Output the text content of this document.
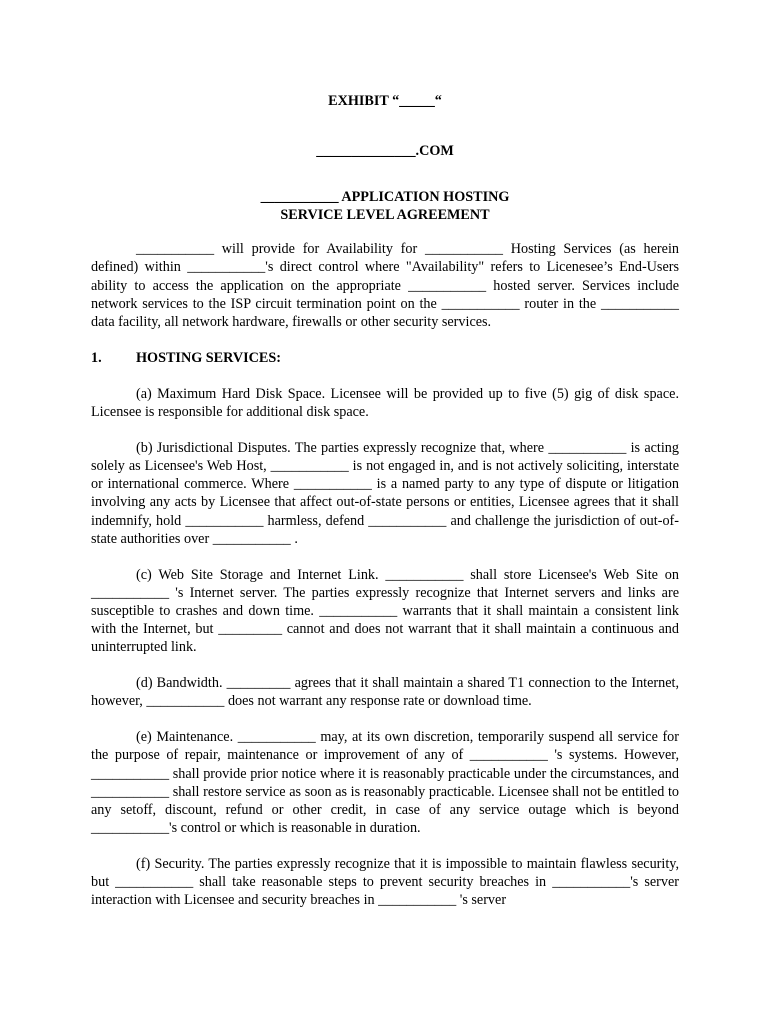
EXHIBIT “_____“
______________.COM
___________ APPLICATION HOSTING
SERVICE LEVEL AGREEMENT

___________ will provide for Availability for ___________ Hosting Services (as herein defined) within ___________'s direct control where "Availability" refers to Licenesee’s End-Users ability to access the application on the appropriate ___________ hosted server. Services include network services to the ISP circuit termination point on the ___________ router in the ___________ data facility, all network hardware, firewalls or other security services.

1.	HOSTING SERVICES:

(a) Maximum Hard Disk Space. Licensee will be provided up to five (5) gig of disk space. Licensee is responsible for additional disk space.

(b) Jurisdictional Disputes. The parties expressly recognize that, where ___________ is acting solely as Licensee's Web Host, ___________ is not engaged in, and is not actively soliciting, interstate or international commerce. Where ___________ is a named party to any type of dispute or litigation involving any acts by Licensee that affect out-of-state persons or entities, Licensee agrees that it shall indemnify, hold ___________ harmless, defend ___________ and challenge the jurisdiction of out-of-state authorities over ___________ .

(c) Web Site Storage and Internet Link. ___________ shall store Licensee's Web Site on ___________ 's Internet server. The parties expressly recognize that Internet servers and links are susceptible to crashes and down time. ___________ warrants that it shall maintain a consistent link with the Internet, but _________ cannot and does not warrant that it shall maintain a continuous and uninterrupted link.

(d) Bandwidth. _________ agrees that it shall maintain a shared T1 connection to the Internet, however, ___________ does not warrant any response rate or download time.

(e) Maintenance. ___________ may, at its own discretion, temporarily suspend all service for the purpose of repair, maintenance or improvement of any of ___________ 's systems. However, ___________ shall provide prior notice where it is reasonably practicable under the circumstances, and ___________ shall restore service as soon as is reasonably practicable. Licensee shall not be entitled to any setoff, discount, refund or other credit, in case of any service outage which is beyond ___________'s control or which is reasonable in duration.

(f) Security. The parties expressly recognize that it is impossible to maintain flawless security, but ___________ shall take reasonable steps to prevent security breaches in ___________'s server interaction with Licensee and security breaches in ___________ 's server
